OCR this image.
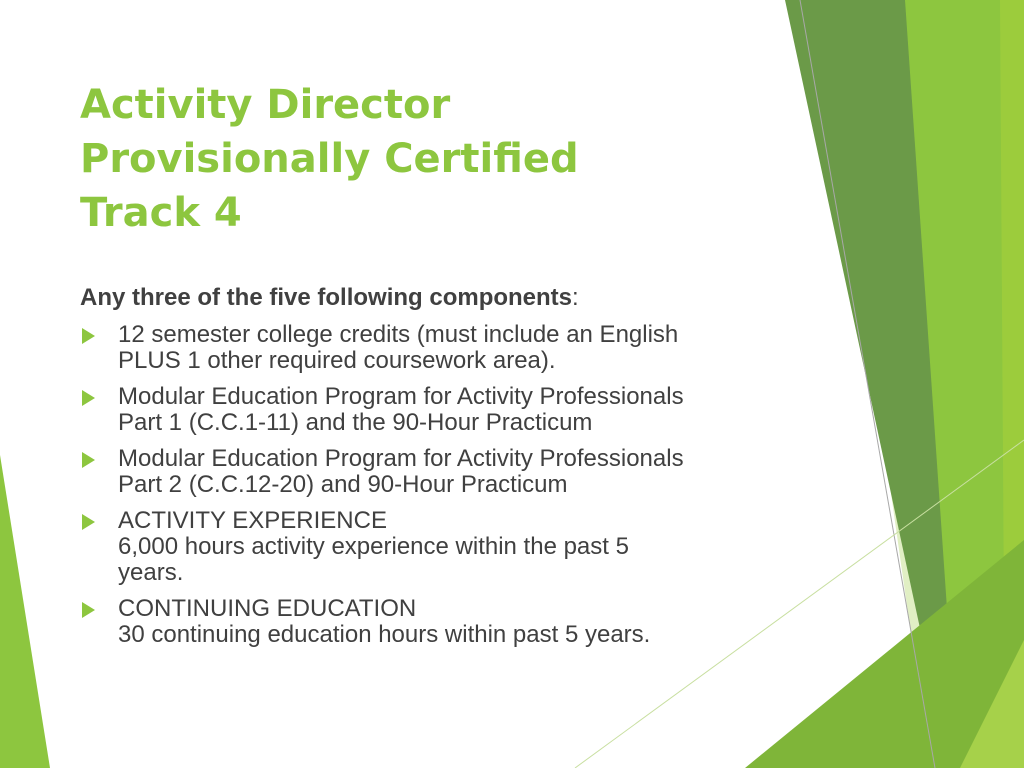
Activity Director
Provisionally Certified
Track 4

Any three of the five following components:

12 semester college credits (must include an English
PLUS 1 other required coursework area).
Modular Education Program for Activity Professionals
Part 1 (C.C.1-11) and the 90-Hour Practicum
Modular Education Program for Activity Professionals
Part 2 (C.C.12-20) and 90-Hour Practicum
ACTIVITY EXPERIENCE
6,000 hours activity experience within the past 5
years.
CONTINUING EDUCATION
30 continuing education hours within past 5 years.
